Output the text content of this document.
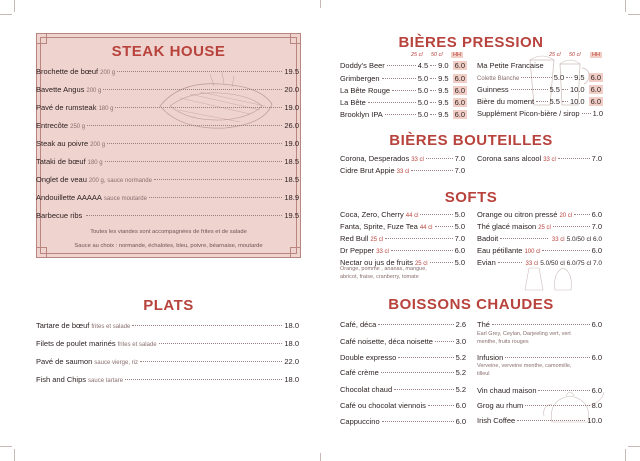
STEAK HOUSE
Brochette de bœuf 200 g	19.5
Bavette Angus 200 g	20.0
Pavé de rumsteak 180 g	19.0
Entrecôte 250 g	26.0
Steak au poivre 200 g	19.0
Tataki de bœuf 180 g	18.5
Onglet de veau 200 g, sauce normande	18.5
Andouillette AAAAA sauce moutarde	18.9
Barbecue ribs	19.5
Toutes les viandes sont accompagnées de frites et de salade
Sauce au choix : normande, échalotes, bleu, poivre, béarnaise, moutarde
PLATS
Tartare de bœuf frites et salade	18.0
Filets de poulet marinés frites et salade	18.0
Pavé de saumon sauce vierge, riz	22.0
Fish and Chips sauce tartare	18.0
BIÈRES PRESSION
25 cl 50 cl	HH	25 cl 50 cl	HH
Doddy's Beer	4.5 9.0 6.0
Grimbergen	5.0 9.5 6.0
La Bête Rouge	5.0 9.5 6.0
La Bête	5.0 9.5 6.0
Brooklyn IPA	5.0 9.5 6.0
Ma Petite Francaise
Colette Blanche	5.0 9.5 6.0
Guinness	5.5 10.0 6.0
Bière du moment 5.5 10.0 6.0
Supplément Picon-bière / sirop 1.0
BIÈRES BOUTEILLES
Corona, Desperados 33 cl	7.0
Cidre Brut Appie 33 cl	7.0
Corona sans alcool 33 cl	7.0
SOFTS
Coca, Zero, Cherry 44 cl	5.0
Fanta, Sprite, Fuze Tea 44 cl	5.0
Red Bull 25 cl	7.0
Dr Pepper 33 cl	6.0
Nectar ou jus de fruits 25 cl	5.0
Orange, pomme , ananas, mangue,
abricot, fraise, cranberry, tomate
Orange ou citron pressé 20 cl	6.0
Thé glacé maison 25 cl	7.0
Badoit	33 cl 5.0/50 cl 6.0
Eau pétillante 100 cl	6.0
Evian	33 cl 5.0/50 cl 6.0/75 cl 7.0
BOISSONS CHAUDES
Café, déca	2.6
Café noisette, déca noisette	3.0
Double expresso	5.2
Café crème	5.2
Chocolat chaud	5.2
Café ou chocolat viennois	6.0
Cappuccino	6.0
Thé	6.0
Earl Grey, Ceylan, Darjeeling vert, vert
menthe, fruits rouges
Infusion	6.0
Verveine, verveine menthe, camomille,
tilleul
Vin chaud maison	6.0
Grog au rhum	8.0
Irish Coffee	10.0
